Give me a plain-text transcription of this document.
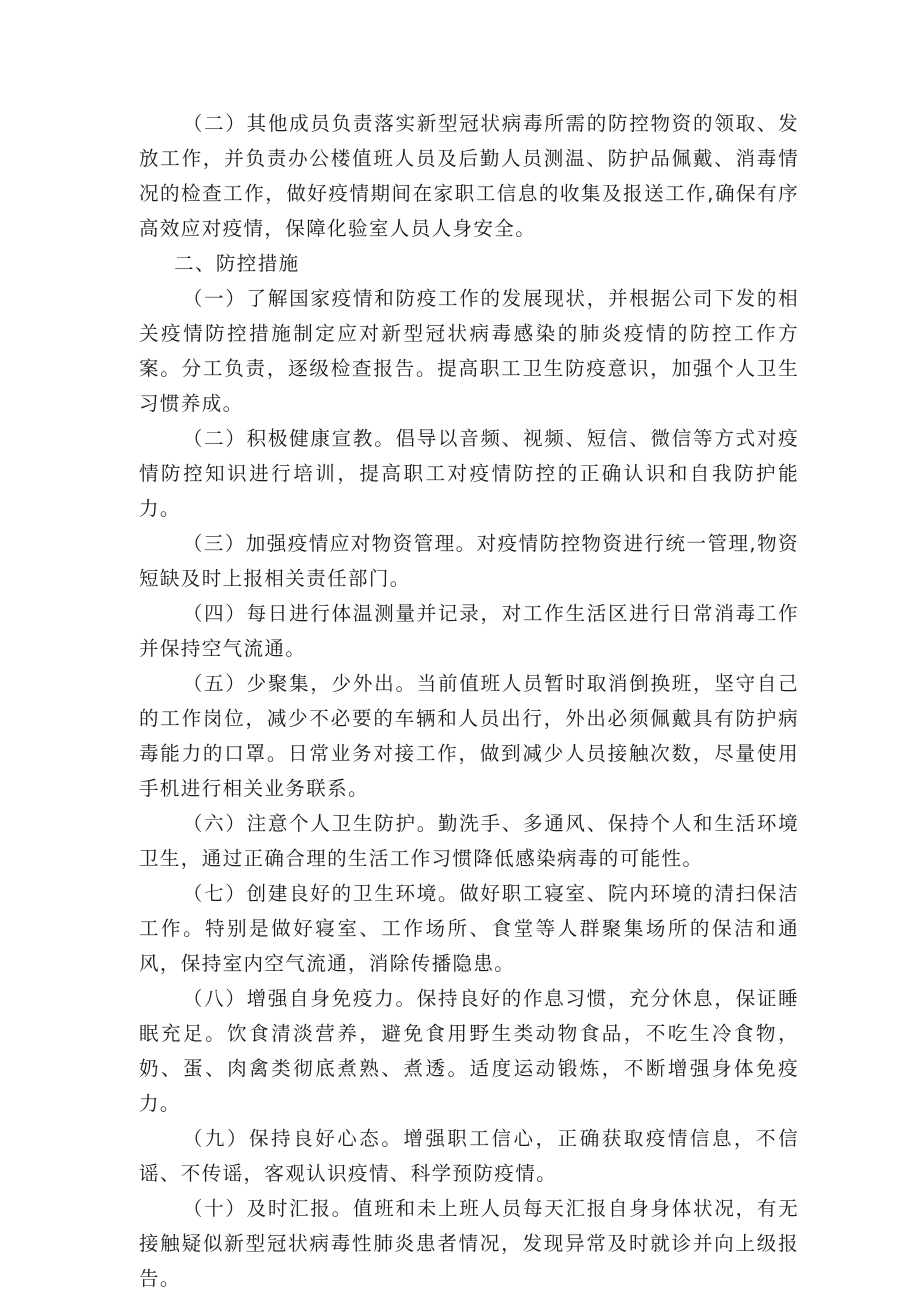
（二）其他成员负责落实新型冠状病毒所需的防控物资的领取、发放工作，并负责办公楼值班人员及后勤人员测温、防护品佩戴、消毒情况的检查工作，做好疫情期间在家职工信息的收集及报送工作,确保有序高效应对疫情，保障化验室人员人身安全。

二、防控措施

（一）了解国家疫情和防疫工作的发展现状，并根据公司下发的相关疫情防控措施制定应对新型冠状病毒感染的肺炎疫情的防控工作方案。分工负责，逐级检查报告。提高职工卫生防疫意识，加强个人卫生习惯养成。

（二）积极健康宣教。倡导以音频、视频、短信、微信等方式对疫情防控知识进行培训，提高职工对疫情防控的正确认识和自我防护能力。

（三）加强疫情应对物资管理。对疫情防控物资进行统一管理,物资短缺及时上报相关责任部门。

（四）每日进行体温测量并记录，对工作生活区进行日常消毒工作并保持空气流通。

（五）少聚集，少外出。当前值班人员暂时取消倒换班，坚守自己的工作岗位，减少不必要的车辆和人员出行，外出必须佩戴具有防护病毒能力的口罩。日常业务对接工作，做到减少人员接触次数，尽量使用手机进行相关业务联系。

（六）注意个人卫生防护。勤洗手、多通风、保持个人和生活环境卫生，通过正确合理的生活工作习惯降低感染病毒的可能性。

（七）创建良好的卫生环境。做好职工寝室、院内环境的清扫保洁工作。特别是做好寝室、工作场所、食堂等人群聚集场所的保洁和通风，保持室内空气流通，消除传播隐患。

（八）增强自身免疫力。保持良好的作息习惯，充分休息，保证睡眠充足。饮食清淡营养，避免食用野生类动物食品，不吃生冷食物，奶、蛋、肉禽类彻底煮熟、煮透。适度运动锻炼，不断增强身体免疫力。

（九）保持良好心态。增强职工信心，正确获取疫情信息，不信谣、不传谣，客观认识疫情、科学预防疫情。

（十）及时汇报。值班和未上班人员每天汇报自身身体状况，有无接触疑似新型冠状病毒性肺炎患者情况，发现异常及时就诊并向上级报告。
